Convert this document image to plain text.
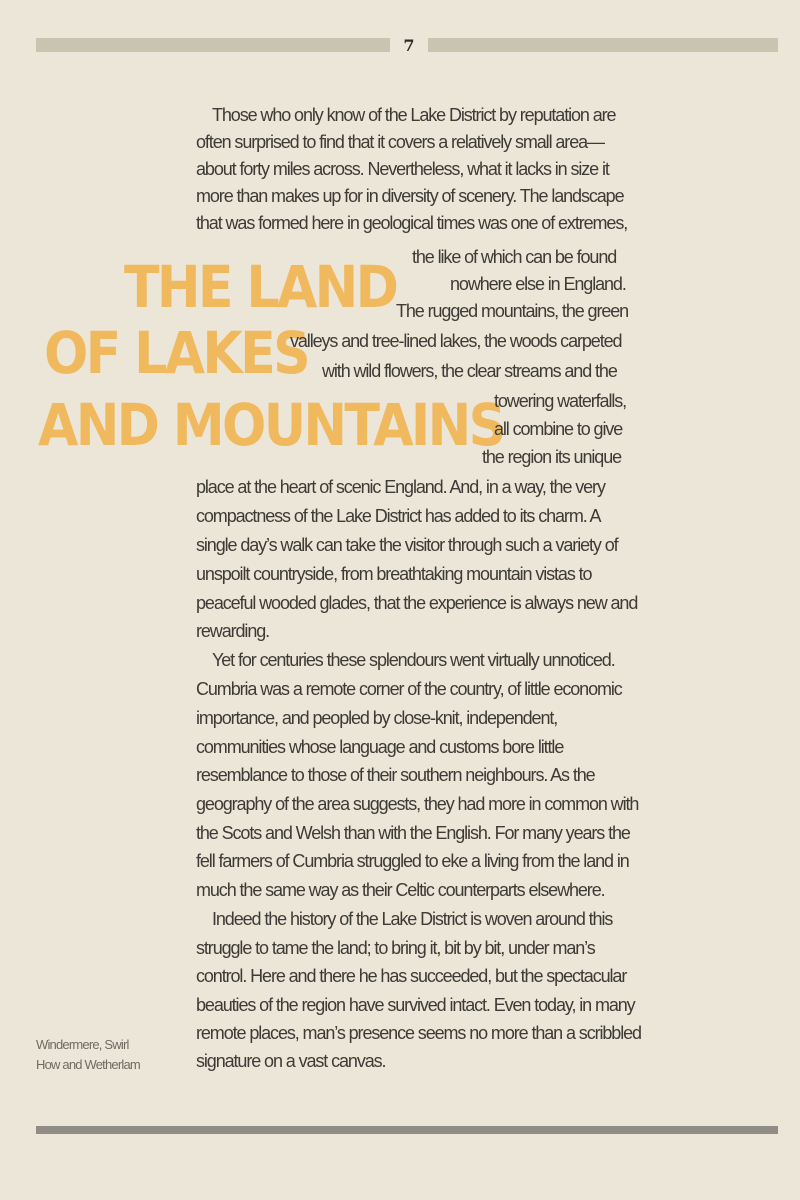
7
THE LAND
OF LAKES
AND MOUNTAINS
Those who only know of the Lake District by reputation are
often surprised to find that it covers a relatively small area—
about forty miles across. Nevertheless, what it lacks in size it
more than makes up for in diversity of scenery. The landscape
that was formed here in geological times was one of extremes,
the like of which can be found
nowhere else in England.
The rugged mountains, the green
valleys and tree-lined lakes, the woods carpeted
with wild flowers, the clear streams and the
towering waterfalls,
all combine to give
the region its unique
place at the heart of scenic England. And, in a way, the very
compactness of the Lake District has added to its charm. A
single day’s walk can take the visitor through such a variety of
unspoilt countryside, from breathtaking mountain vistas to
peaceful wooded glades, that the experience is always new and
rewarding.
Yet for centuries these splendours went virtually unnoticed.
Cumbria was a remote corner of the country, of little economic
importance, and peopled by close-knit, independent,
communities whose language and customs bore little
resemblance to those of their southern neighbours. As the
geography of the area suggests, they had more in common with
the Scots and Welsh than with the English. For many years the
fell farmers of Cumbria struggled to eke a living from the land in
much the same way as their Celtic counterparts elsewhere.
Indeed the history of the Lake District is woven around this
struggle to tame the land; to bring it, bit by bit, under man’s
control. Here and there he has succeeded, but the spectacular
beauties of the region have survived intact. Even today, in many
remote places, man’s presence seems no more than a scribbled
signature on a vast canvas.
Windermere, Swirl
How and Wetherlam
